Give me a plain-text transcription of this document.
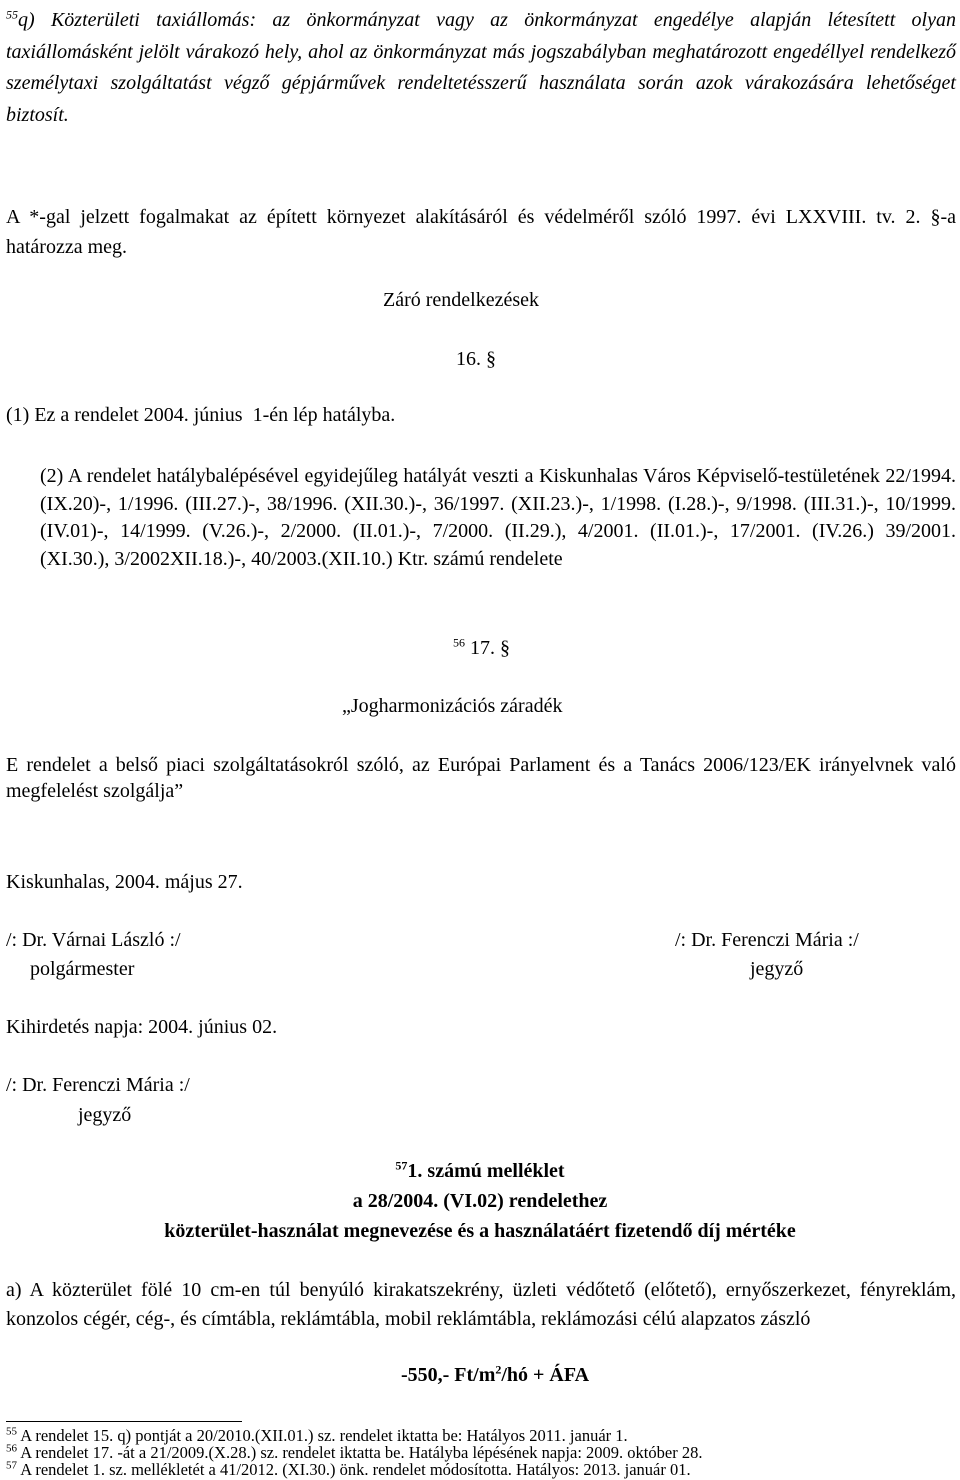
$^{55}$q) Közterületi taxiállomás: az önkormányzat vagy az önkormányzat engedélye alapján létesített olyan taxiállomásként jelölt várakozó hely, ahol az önkormányzat más jogszabályban meghatározott engedéllyel rendelkező személytaxi szolgáltatást végző gépjárművek rendeltetésszerű használata során azok várakozására lehetőséget biztosít.
A *-gal jelzett fogalmakat az épített környezet alakításáról és védelméről szóló 1997. évi LXXVIII. tv. 2. §-a határozza meg.
Záró rendelkezések
16. §
(1) Ez a rendelet 2004. június  1-én lép hatályba.
(2) A rendelet hatálybalépésével egyidejűleg hatályát veszti a Kiskunhalas Város Képviselő-testületének 22/1994. (IX.20)-, 1/1996. (III.27.)-, 38/1996. (XII.30.)-, 36/1997. (XII.23.)-, 1/1998. (I.28.)-, 9/1998. (III.31.)-, 10/1999. (IV.01)-, 14/1999. (V.26.)-, 2/2000. (II.01.)-, 7/2000. (II.29.), 4/2001. (II.01.)-, 17/2001. (IV.26.) 39/2001. (XI.30.), 3/2002XII.18.)-, 40/2003.(XII.10.) Ktr. számú rendelete
$^{56}$ 17. §
„Jogharmonizációs záradék
E rendelet a belső piaci szolgáltatásokról szóló, az Európai Parlament és a Tanács 2006/123/EK irányelvnek való megfelelést szolgálja”
Kiskunhalas, 2004. május 27.
/: Dr. Várnai László :/
polgármester
/: Dr. Ferenczi Mária :/
jegyző
Kihirdetés napja: 2004. június 02.
/: Dr. Ferenczi Mária :/
jegyző
$^{57}$1. számú melléklet
a 28/2004. (VI.02) rendelethez
közterület-használat megnevezése és a használatáért fizetendő díj mértéke
a) A közterület fölé 10 cm-en túl benyúló kirakatszekrény, üzleti védőtető (előtető), ernyőszerkezet, fényreklám, konzolos cégér, cég-, és címtábla, reklámtábla, mobil reklámtábla, reklámozási célú alapzatos zászló
-550,- $Ft/m^2/hó$ + ÁFA
$^{55}$ A rendelet 15. q) pontját a 20/2010.(XII.01.) sz. rendelet iktatta be: Hatályos 2011. január 1.
$^{56}$ A rendelet 17. -át a 21/2009.(X.28.) sz. rendelet iktatta be. Hatályba lépésének napja: 2009. október 28.
$^{57}$ A rendelet 1. sz. mellékletét a 41/2012. (XI.30.) önk. rendelet módosította. Hatályos: 2013. január 01.
